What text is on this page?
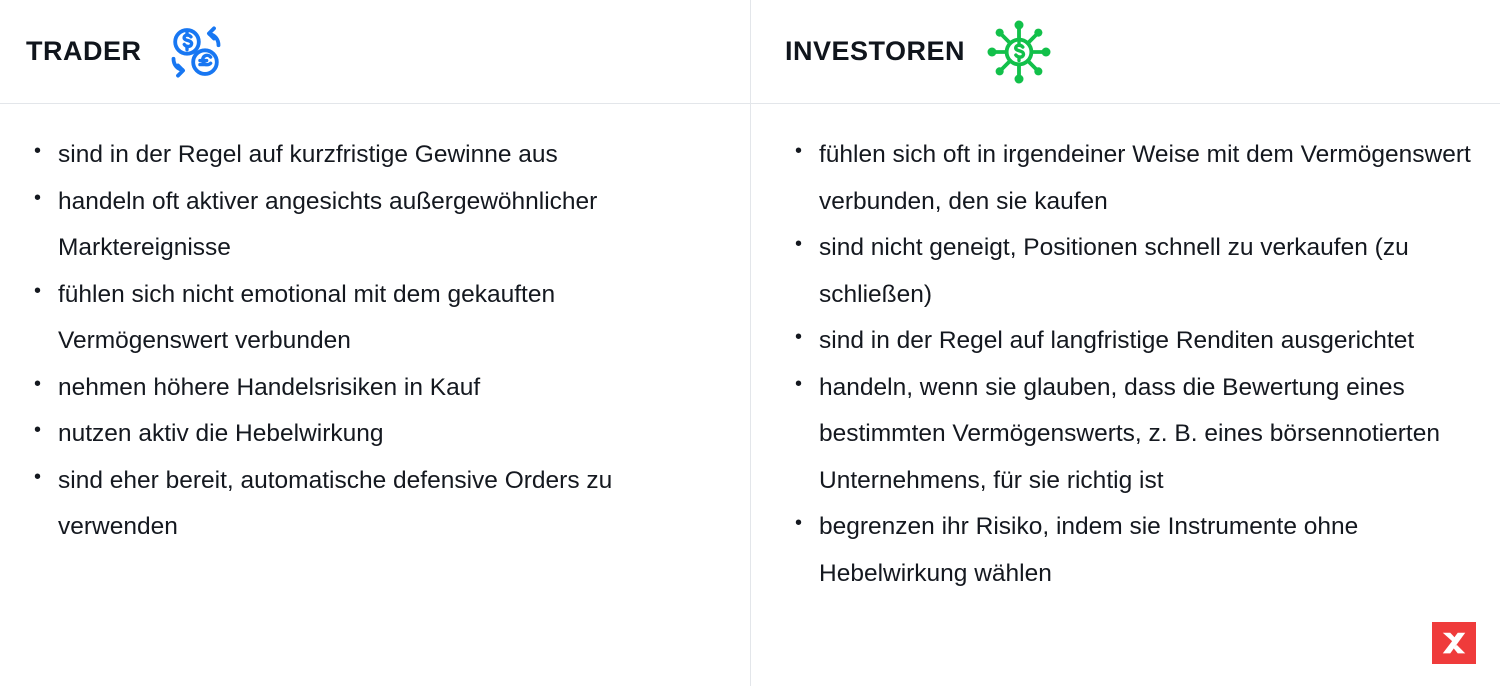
TRADER
• sind in der Regel auf kurzfristige Gewinne aus
• handeln oft aktiver angesichts außergewöhnlicher Marktereignisse
• fühlen sich nicht emotional mit dem gekauften Vermögenswert verbunden
• nehmen höhere Handelsrisiken in Kauf
• nutzen aktiv die Hebelwirkung
• sind eher bereit, automatische defensive Orders zu verwenden
INVESTOREN
• fühlen sich oft in irgendeiner Weise mit dem Vermögenswert verbunden, den sie kaufen
• sind nicht geneigt, Positionen schnell zu verkaufen (zu schließen)
• sind in der Regel auf langfristige Renditen ausgerichtet
• handeln, wenn sie glauben, dass die Bewertung eines bestimmten Vermögenswerts, z. B. eines börsennotierten Unternehmens, für sie richtig ist
• begrenzen ihr Risiko, indem sie Instrumente ohne Hebelwirkung wählen
